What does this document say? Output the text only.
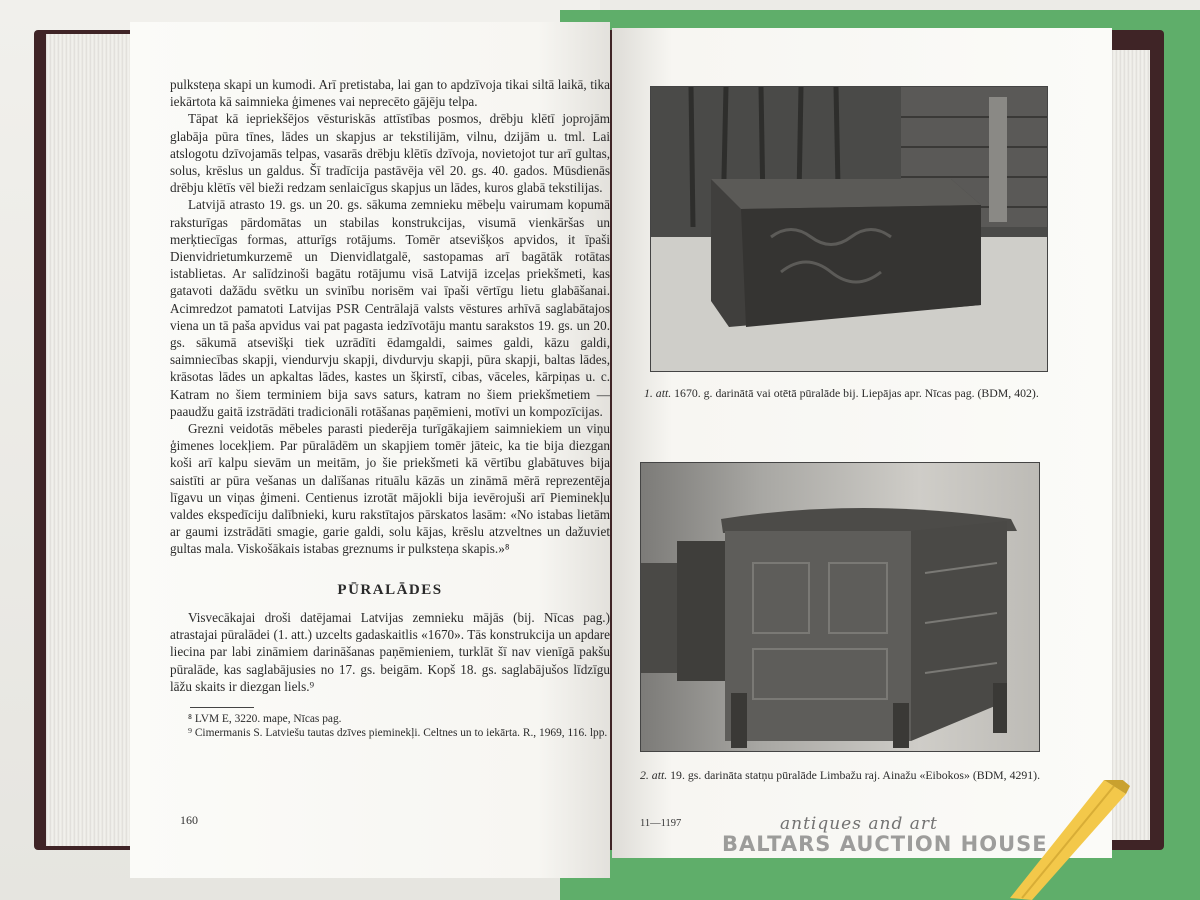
pulksteņa skapi un kumodi. Arī pretistaba, lai gan to apdzīvoja tikai siltā laikā, tika iekārtota kā saimnieka ģimenes vai neprecēto gājēju telpa.

Tāpat kā iepriekšējos vēsturiskās attīstības posmos, drēbju klētī joprojām glabāja pūra tīnes, lādes un skapjus ar tekstilijām, vilnu, dzijām u. tml. Lai atslogotu dzīvojamās telpas, vasarās drēbju klētīs dzīvoja, novietojot tur arī gultas, solus, krēslus un galdus. Šī tradīcija pastāvēja vēl 20. gs. 40. gados. Mūsdienās drēbju klētīs vēl bieži redzam senlaicīgus skapjus un lādes, kuros glabā tekstilijas.

Latvijā atrasto 19. gs. un 20. gs. sākuma zemnieku mēbeļu vairumam kopumā raksturīgas pārdomātas un stabilas konstrukcijas, visumā vienkāršas un merķtiecīgas formas, atturīgs rotājums. Tomēr atsevišķos apvidos, it īpaši Dienvidrietumkurzemē un Dienvidlatgalē, sastopamas arī bagātāk rotātas istablietas. Ar salīdzinoši bagātu rotājumu visā Latvijā izceļas priekšmeti, kas gatavoti dažādu svētku un svinību norisēm vai īpaši vērtīgu lietu glabāšanai. Acimredzot pamatoti Latvijas PSR Centrālajā valsts vēstures arhīvā saglabātajos viena un tā paša apvidus vai pat pagasta iedzīvotāju mantu sarakstos 19. gs. un 20. gs. sākumā atsevišķi tiek uzrādīti ēdamgaldi, saimes galdi, kāzu galdi, saimniecības skapji, viendurvju skapji, divdurvju skapji, pūra skapji, baltas lādes, krāsotas lādes un apkaltas lādes, kastes un šķirstī, cibas, vāceles, kārpiņas u. c. Katram no šiem terminiem bija savs saturs, katram no šiem priekšmetiem — paaudžu gaitā izstrādāti tradicionāli rotāšanas paņēmieni, motīvi un kompozīcijas.

Grezni veidotās mēbeles parasti piederēja turīgākajiem saimniekiem un viņu ģimenes locekļiem. Par pūralādēm un skapjiem tomēr jāteic, ka tie bija diezgan koši arī kalpu sievām un meitām, jo šie priekšmeti kā vērtību glabātuves bija saistīti ar pūra vešanas un dalīšanas rituālu kāzās un zināmā mērā reprezentēja līgavu un viņas ģimeni. Centienus izrotāt mājokli bija ievērojuši arī Pieminekļu valdes ekspedīciju dalībnieki, kuru rakstītajos pārskatos lasām: «No istabas lietām ar gaumi izstrādāti smagie, garie galdi, solu kājas, krēslu atzveltnes un dažuviet gultas mala. Viskošākais istabas greznums ir pulksteņa skapis.»⁸

PŪRALĀDES

Visvecākajai droši datējamai Latvijas zemnieku mājās (bij. Nīcas pag.) atrastajai pūralādei (1. att.) uzcelts gadaskaitlis «1670». Tās konstrukcija un apdare liecina par labi zināmiem darināšanas paņēmieniem, turklāt šī nav vienīgā pakšu pūralāde, kas saglabājusies no 17. gs. beigām. Kopš 18. gs. saglabājušos līdzīgu lāžu skaits ir diezgan liels.⁹

⁸ LVM E, 3220. mape, Nīcas pag.

⁹ Cimermanis S. Latviešu tautas dzīves pieminekļi. Celtnes un to iekārta. R., 1969, 116. lpp.

160
1. att. 1670. g. darinātā vai otētā pūralāde bij. Liepājas apr. Nīcas pag. (BDM, 402).
2. att. 19. gs. darināta statņu pūralāde Limbažu raj. Ainažu «Eibokos» (BDM, 4291).
11—1197	antiques and art
BALTARS AUCTION HOUSE
